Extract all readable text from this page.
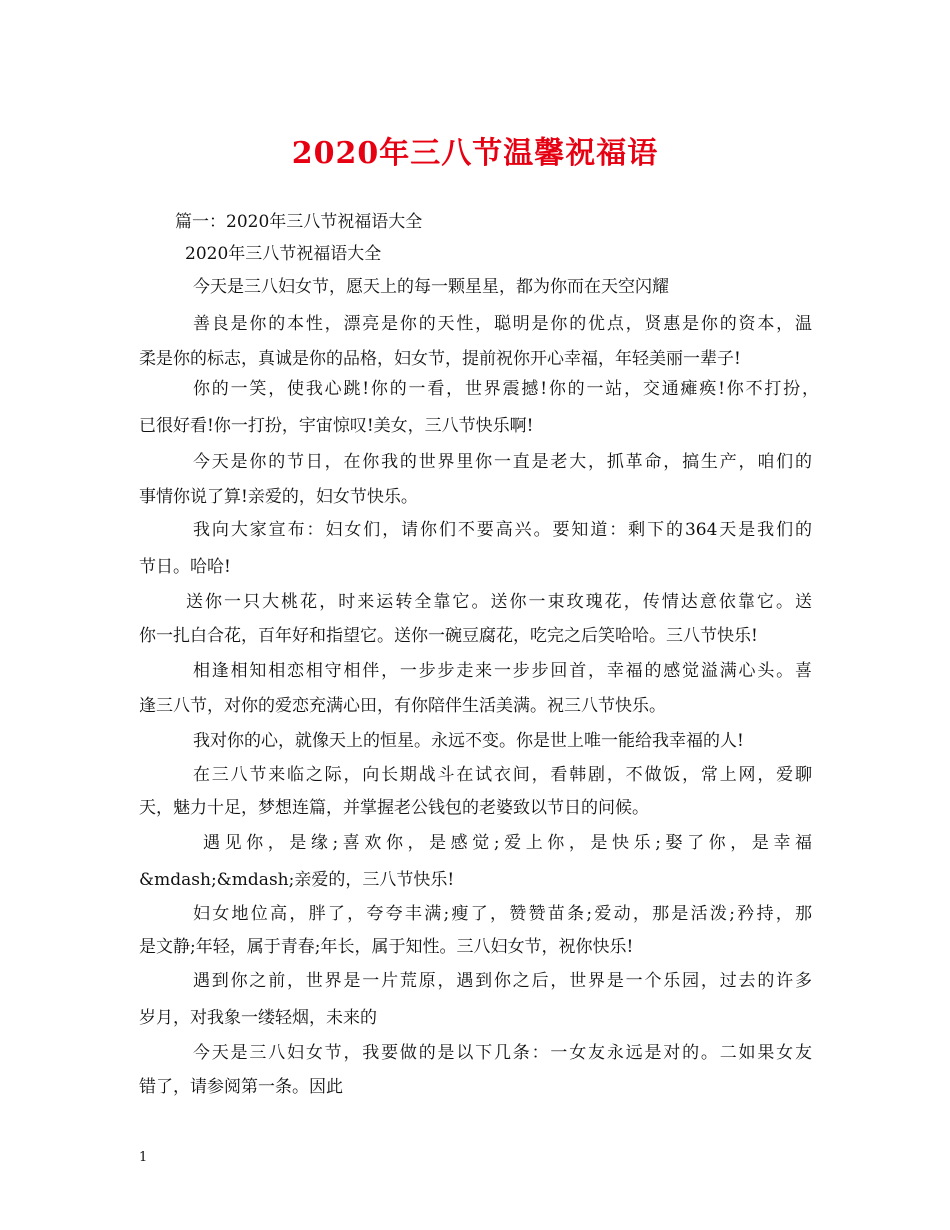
2020年三八节温馨祝福语
篇一：2020年三八节祝福语大全
2020年三八节祝福语大全
今天是三八妇女节，愿天上的每一颗星星，都为你而在天空闪耀
善良是你的本性，漂亮是你的天性，聪明是你的优点，贤惠是你的资本，温
柔是你的标志，真诚是你的品格，妇女节，提前祝你开心幸福，年轻美丽一辈子!
你的一笑，使我心跳!你的一看，世界震撼!你的一站，交通瘫痪!你不打扮，
已很好看!你一打扮，宇宙惊叹!美女，三八节快乐啊!
今天是你的节日，在你我的世界里你一直是老大，抓革命，搞生产，咱们的
事情你说了算!亲爱的，妇女节快乐。
我向大家宣布：妇女们，请你们不要高兴。要知道：剩下的364天是我们的
节日。哈哈!
送你一只大桃花，时来运转全靠它。送你一束玫瑰花，传情达意依靠它。送
你一扎白合花，百年好和指望它。送你一碗豆腐花，吃完之后笑哈哈。三八节快乐!
相逢相知相恋相守相伴，一步步走来一步步回首，幸福的感觉溢满心头。喜
逢三八节，对你的爱恋充满心田，有你陪伴生活美满。祝三八节快乐。
我对你的心，就像天上的恒星。永远不变。你是世上唯一能给我幸福的人!
在三八节来临之际，向长期战斗在试衣间，看韩剧，不做饭，常上网，爱聊
天，魅力十足，梦想连篇，并掌握老公钱包的老婆致以节日的问候。
遇见你，是缘;喜欢你，是感觉;爱上你，是快乐;娶了你，是幸福
&mdash;&mdash;亲爱的，三八节快乐!
妇女地位高，胖了，夸夸丰满;瘦了，赞赞苗条;爱动，那是活泼;矜持，那
是文静;年轻，属于青春;年长，属于知性。三八妇女节，祝你快乐!
遇到你之前，世界是一片荒原，遇到你之后，世界是一个乐园，过去的许多
岁月，对我象一缕轻烟，未来的
今天是三八妇女节，我要做的是以下几条：一女友永远是对的。二如果女友
错了，请参阅第一条。因此
1
